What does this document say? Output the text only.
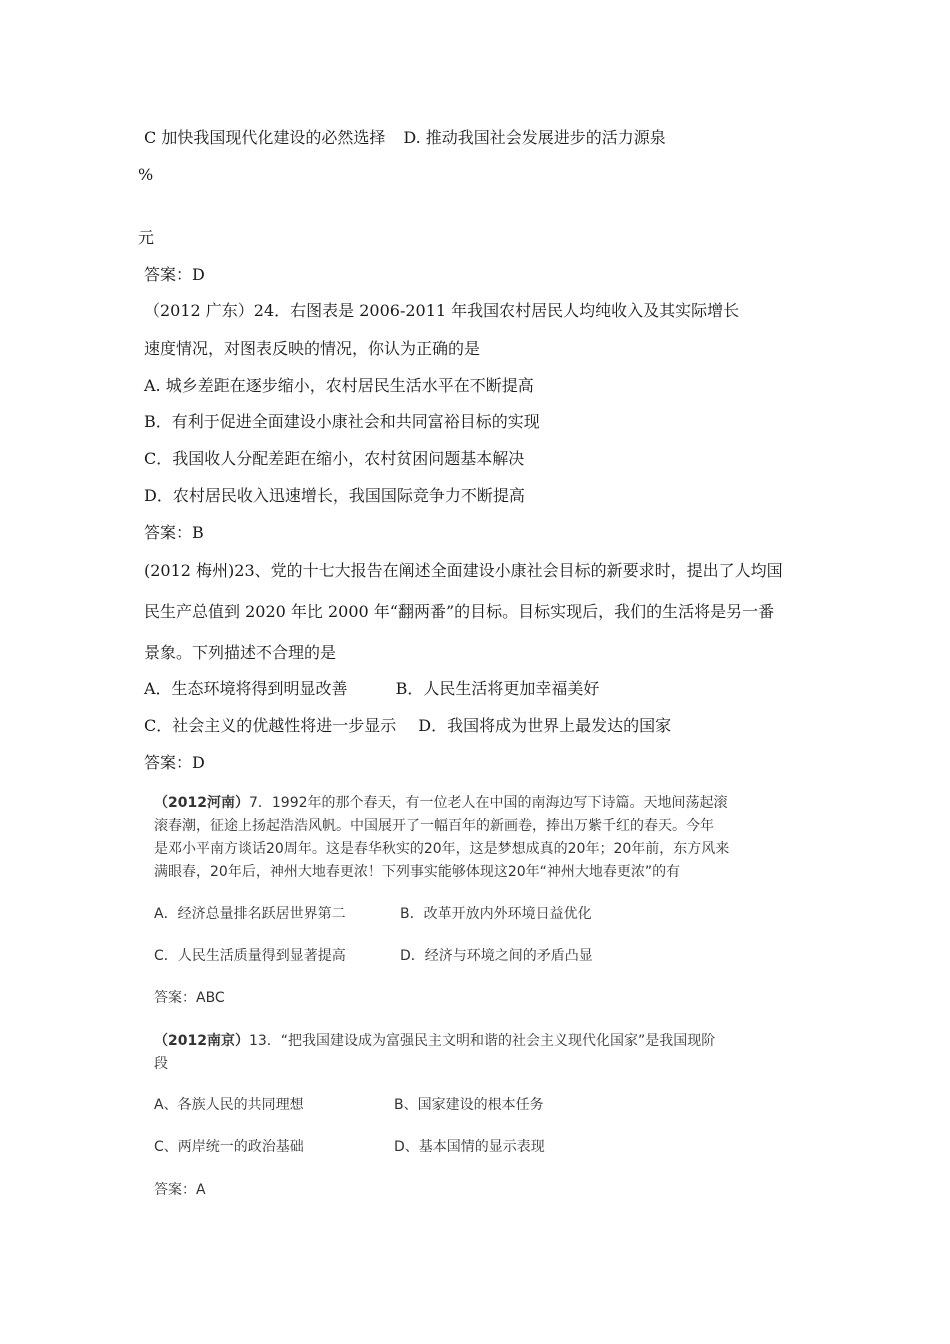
C 加快我国现代化建设的必然选择 D. 推动我国社会发展进步的活力源泉
%
元
答案：D
（2012 广东）24．右图表是 2006-2011 年我国农村居民人均纯收入及其实际增长
速度情况，对图表反映的情况，你认为正确的是
A. 城乡差距在逐步缩小，农村居民生活水平在不断提高
B．有利于促进全面建设小康社会和共同富裕目标的实现
C．我国收人分配差距在缩小，农村贫困问题基本解决
D．农村居民收入迅速增长，我国国际竞争力不断提高
答案：B
(2012 梅州)23、党的十七大报告在阐述全面建设小康社会目标的新要求时，提出了人均国
民生产总值到 2020 年比 2000 年“翻两番”的目标。目标实现后，我们的生活将是另一番
景象。下列描述不合理的是
A．生态环境将得到明显改善	B．人民生活将更加幸福美好
C．社会主义的优越性将进一步显示 D．我国将成为世界上最发达的国家
答案：D
（2012河南）7．1992年的那个春天，有一位老人在中国的南海边写下诗篇。天地间荡起滚
滚春潮，征途上扬起浩浩风帆。中国展开了一幅百年的新画卷，捧出万紫千红的春天。今年
是邓小平南方谈话20周年。这是春华秋实的20年，这是梦想成真的20年；20年前，东方风来
满眼春，20年后，神州大地春更浓！下列事实能够体现这20年“神州大地春更浓”的有
A．经济总量排名跃居世界第二	B．改革开放内外环境日益优化
C．人民生活质量得到显著提高	D．经济与环境之间的矛盾凸显
答案：ABC
（2012南京）13．“把我国建设成为富强民主文明和谐的社会主义现代化国家”是我国现阶
段
A、各族人民的共同理想	B、国家建设的根本任务
C、两岸统一的政治基础	D、基本国情的显示表现
答案：A
